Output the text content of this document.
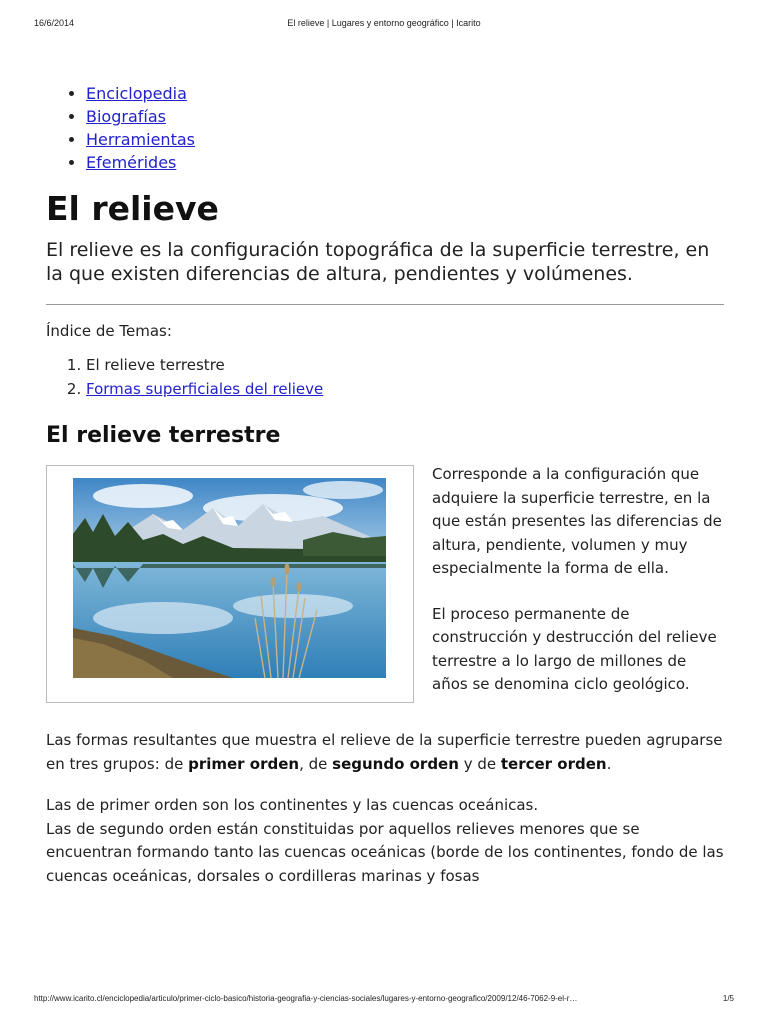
16/6/2014	El relieve | Lugares y entorno geográfico | Icarito
• Enciclopedia
• Biografías
• Herramientas
• Efemérides
El relieve

El relieve es la configuración topográfica de la superficie terrestre, en la que existen diferencias de altura, pendientes y volúmenes.

Índice de Temas:

1. El relieve terrestre
2. Formas superficiales del relieve
El relieve terrestre

Corresponde a la configuración que adquiere la superficie terrestre, en la que están presentes las diferencias de altura, pendiente, volumen y muy especialmente la forma de ella.

El proceso permanente de construcción y destrucción del relieve terrestre a lo largo de millones de años se denomina ciclo geológico.

Las formas resultantes que muestra el relieve de la superficie terrestre pueden agruparse en tres grupos: de primer orden, de segundo orden y de tercer orden.

Las de primer orden son los continentes y las cuencas oceánicas.

Las de segundo orden están constituidas por aquellos relieves menores que se encuentran formando tanto las cuencas oceánicas (borde de los continentes, fondo de las cuencas oceánicas, dorsales o cordilleras marinas y fosas

http://www.icarito.cl/enciclopedia/articulo/primer-ciclo-basico/historia-geografia-y-ciencias-sociales/lugares-y-entorno-geografico/2009/12/46-7062-9-el-r…	1/5
